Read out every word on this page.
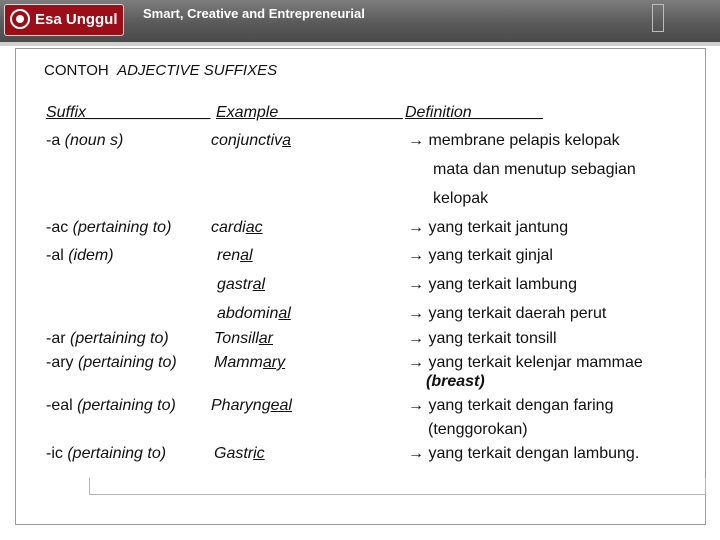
Esa Unggul Smart, Creative and Entrepreneurial
CONTOH ADJECTIVE SUFFIXES
Suffix______________ Example______________ Definition________
-a (noun s)	conjunctiva	→ membrane pelapis kelopak
mata dan menutup sebagian
kelopak
-ac (pertaining to) cardiac	→ yang terkait jantung
-al (idem)	renal	→ yang terkait ginjal
gastral	→ yang terkait lambung
abdominal	→ yang terkait daerah perut
-ar (pertaining to)	Tonsillar	→ yang terkait tonsill
-ary (pertaining to) Mammary	→ yang terkait kelenjar mammae
(breast)
-eal (pertaining to) Pharyngeal	→ yang terkait dengan faring
(tenggorokan)
-ic (pertaining to)	Gastric	→ yang terkait dengan lambung.
